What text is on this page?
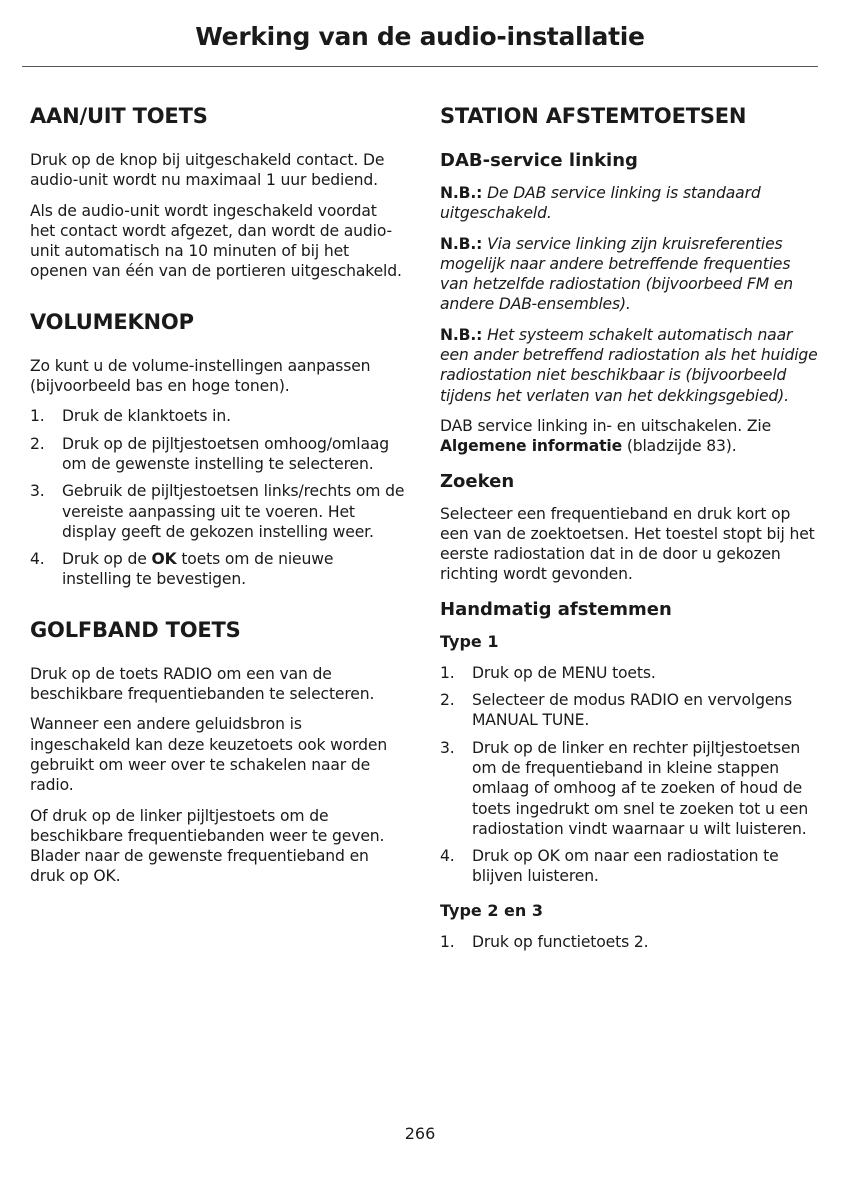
Werking van de audio-installatie
AAN/UIT TOETS

Druk op de knop bij uitgeschakeld contact. De audio-unit wordt nu maximaal 1 uur bediend.

Als de audio-unit wordt ingeschakeld voordat het contact wordt afgezet, dan wordt de audio-unit automatisch na 10 minuten of bij het openen van één van de portieren uitgeschakeld.

VOLUMEKNOP

Zo kunt u de volume-instellingen aanpassen (bijvoorbeeld bas en hoge tonen).

1. Druk de klanktoets in.
2. Druk op de pijltjestoetsen omhoog/omlaag om de gewenste instelling te selecteren.
3. Gebruik de pijltjestoetsen links/rechts om de vereiste aanpassing uit te voeren. Het display geeft de gekozen instelling weer.
4. Druk op de OK toets om de nieuwe instelling te bevestigen.
GOLFBAND TOETS

Druk op de toets RADIO om een van de beschikbare frequentiebanden te selecteren.

Wanneer een andere geluidsbron is ingeschakeld kan deze keuzetoets ook worden gebruikt om weer over te schakelen naar de radio.

Of druk op de linker pijltjestoets om de beschikbare frequentiebanden weer te geven. Blader naar de gewenste frequentieband en druk op OK.

STATION AFSTEMTOETSEN
DAB-service linking

N.B.: De DAB service linking is standaard uitgeschakeld.

N.B.: Via service linking zijn kruisreferenties mogelijk naar andere betreffende frequenties van hetzelfde radiostation (bijvoorbeed FM en andere DAB-ensembles).

N.B.: Het systeem schakelt automatisch naar een ander betreffend radiostation als het huidige radiostation niet beschikbaar is (bijvoorbeeld tijdens het verlaten van het dekkingsgebied).

DAB service linking in- en uitschakelen. Zie Algemene informatie (bladzijde 83).

Zoeken

Selecteer een frequentieband en druk kort op een van de zoektoetsen. Het toestel stopt bij het eerste radiostation dat in de door u gekozen richting wordt gevonden.

Handmatig afstemmen
Type 1
1. Druk op de MENU toets.
2. Selecteer de modus RADIO en vervolgens MANUAL TUNE.
3. Druk op de linker en rechter pijltjestoetsen om de frequentieband in kleine stappen omlaag of omhoog af te zoeken of houd de toets ingedrukt om snel te zoeken tot u een radiostation vindt waarnaar u wilt luisteren.
4. Druk op OK om naar een radiostation te blijven luisteren.
Type 2 en 3
1. Druk op functietoets 2.
266
